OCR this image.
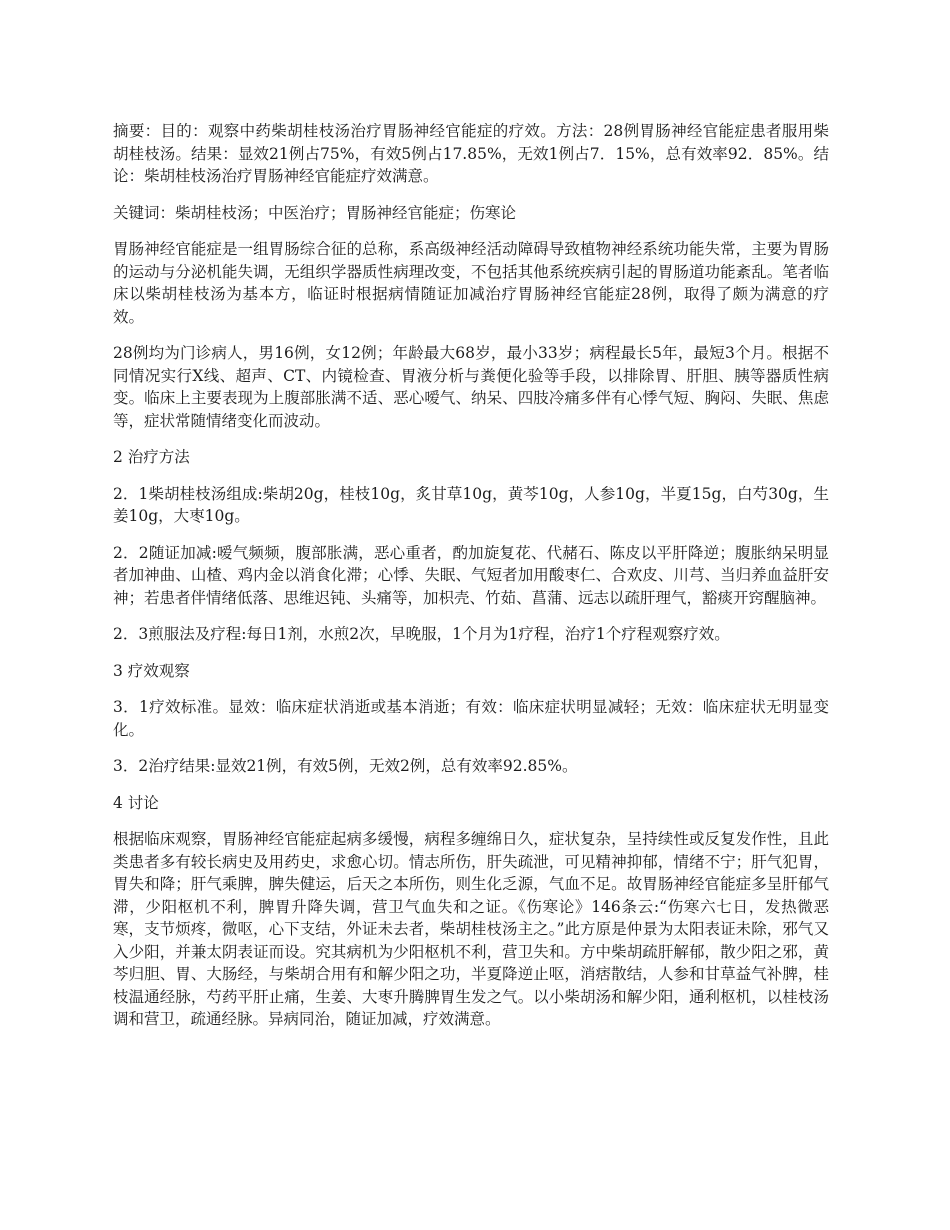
摘要：目的：观察中药柴胡桂枝汤治疗胃肠神经官能症的疗效。方法：28例胃肠神经官能症患者服用柴胡桂枝汤。结果：显效21例占75%，有效5例占17.85%，无效1例占7．15%，总有效率92．85%。结论：柴胡桂枝汤治疗胃肠神经官能症疗效满意。

关键词：柴胡桂枝汤；中医治疗；胃肠神经官能症；伤寒论

胃肠神经官能症是一组胃肠综合征的总称，系高级神经活动障碍导致植物神经系统功能失常，主要为胃肠的运动与分泌机能失调，无组织学器质性病理改变，不包括其他系统疾病引起的胃肠道功能紊乱。笔者临床以柴胡桂枝汤为基本方，临证时根据病情随证加减治疗胃肠神经官能症28例，取得了颇为满意的疗效。

28例均为门诊病人，男16例，女12例；年龄最大68岁，最小33岁；病程最长5年，最短3个月。根据不同情况实行X线、超声、CT、内镜检查、胃液分析与粪便化验等手段，以排除胃、肝胆、胰等器质性病变。临床上主要表现为上腹部胀满不适、恶心嗳气、纳呆、四肢冷痛多伴有心悸气短、胸闷、失眠、焦虑等，症状常随情绪变化而波动。

2 治疗方法

2．1柴胡桂枝汤组成:柴胡20g，桂枝10g，炙甘草10g，黄芩10g，人参10g，半夏15g，白芍30g，生姜10g，大枣10g。

2．2随证加减:嗳气频频，腹部胀满，恶心重者，酌加旋复花、代赭石、陈皮以平肝降逆；腹胀纳呆明显者加神曲、山楂、鸡内金以消食化滞；心悸、失眠、气短者加用酸枣仁、合欢皮、川芎、当归养血益肝安神；若患者伴情绪低落、思维迟钝、头痛等，加枳壳、竹茹、菖蒲、远志以疏肝理气，豁痰开窍醒脑神。

2．3煎服法及疗程:每日1剂，水煎2次，早晚服，1个月为1疗程，治疗1个疗程观察疗效。

3 疗效观察

3．1疗效标准。显效：临床症状消逝或基本消逝；有效：临床症状明显减轻；无效：临床症状无明显变化。

3．2治疗结果:显效21例，有效5例，无效2例，总有效率92.85%。

4 讨论

根据临床观察，胃肠神经官能症起病多缓慢，病程多缠绵日久，症状复杂，呈持续性或反复发作性，且此类患者多有较长病史及用药史，求愈心切。情志所伤，肝失疏泄，可见精神抑郁，情绪不宁；肝气犯胃，胃失和降；肝气乘脾，脾失健运，后天之本所伤，则生化乏源，气血不足。故胃肠神经官能症多呈肝郁气滞，少阳枢机不利，脾胃升降失调，营卫气血失和之证。《伤寒论》146条云:“伤寒六七日，发热微恶寒，支节烦疼，微呕，心下支结，外证未去者，柴胡桂枝汤主之。”此方原是仲景为太阳表证未除，邪气又入少阳，并兼太阴表证而设。究其病机为少阳枢机不利，营卫失和。方中柴胡疏肝解郁，散少阳之邪，黄芩归胆、胃、大肠经，与柴胡合用有和解少阳之功，半夏降逆止呕，消痞散结，人参和甘草益气补脾，桂枝温通经脉，芍药平肝止痛，生姜、大枣升腾脾胃生发之气。以小柴胡汤和解少阳，通利枢机，以桂枝汤调和营卫，疏通经脉。异病同治，随证加减，疗效满意。
